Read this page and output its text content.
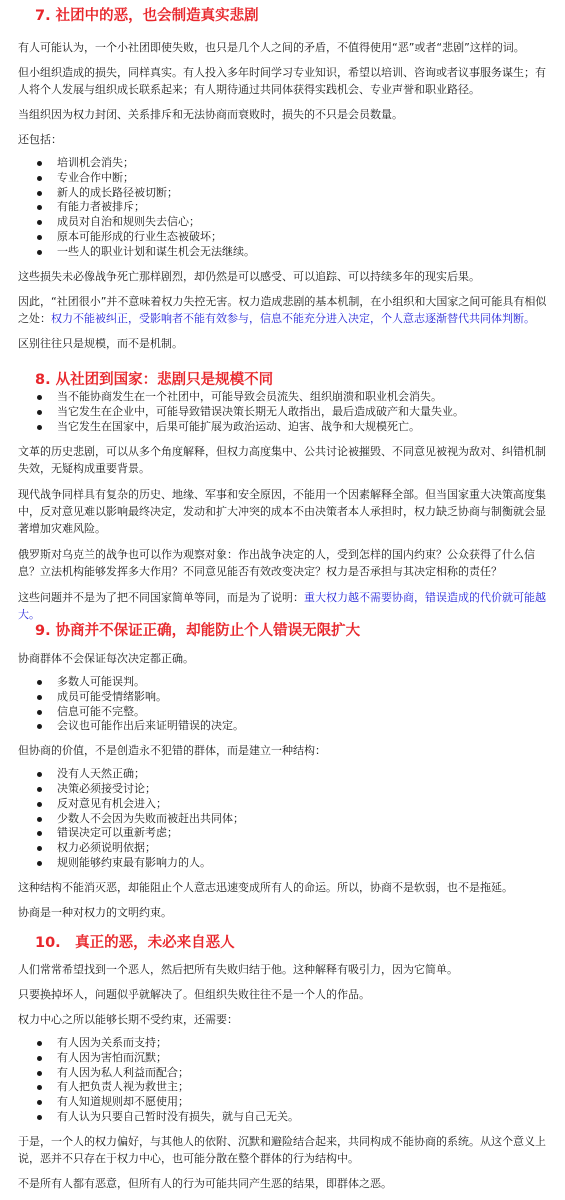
7. 社团中的恶，也会制造真实悲剧

有人可能认为，一个小社团即使失败，也只是几个人之间的矛盾，不值得使用“恶”或者“悲剧”这样的词。

但小组织造成的损失，同样真实。有人投入多年时间学习专业知识，希望以培训、咨询或者议事服务谋生；有人将个人发展与组织成长联系起来；有人期待通过共同体获得实践机会、专业声誉和职业路径。

当组织因为权力封闭、关系排斥和无法协商而衰败时，损失的不只是会员数量。

还包括：

培训机会消失；
专业合作中断；
新人的成长路径被切断；
有能力者被排斥；
成员对自治和规则失去信心；
原本可能形成的行业生态被破坏；
一些人的职业计划和谋生机会无法继续。

这些损失未必像战争死亡那样剧烈，却仍然是可以感受、可以追踪、可以持续多年的现实后果。

因此，“社团很小”并不意味着权力失控无害。权力造成悲剧的基本机制，在小组织和大国家之间可能具有相似之处：权力不能被纠正，受影响者不能有效参与，信息不能充分进入决定，个人意志逐渐替代共同体判断。

区别往往只是规模，而不是机制。

8. 从社团到国家：悲剧只是规模不同
当不能协商发生在一个社团中，可能导致会员流失、组织崩溃和职业机会消失。
当它发生在企业中，可能导致错误决策长期无人敢指出，最后造成破产和大量失业。
当它发生在国家中，后果可能扩展为政治运动、迫害、战争和大规模死亡。

文革的历史悲剧，可以从多个角度解释，但权力高度集中、公共讨论被摧毁、不同意见被视为敌对、纠错机制失效，无疑构成重要背景。

现代战争同样具有复杂的历史、地缘、军事和安全原因，不能用一个因素解释全部。但当国家重大决策高度集中，反对意见难以影响最终决定，发动和扩大冲突的成本不由决策者本人承担时，权力缺乏协商与制衡就会显著增加灾难风险。

俄罗斯对乌克兰的战争也可以作为观察对象：作出战争决定的人，受到怎样的国内约束？公众获得了什么信息？立法机构能够发挥多大作用？不同意见能否有效改变决定？权力是否承担与其决定相称的责任？

这些问题并不是为了把不同国家简单等同，而是为了说明：重大权力越不需要协商，错误造成的代价就可能越大。

9. 协商并不保证正确，却能防止个人错误无限扩大

协商群体不会保证每次决定都正确。

多数人可能误判。
成员可能受情绪影响。
信息可能不完整。
会议也可能作出后来证明错误的决定。

但协商的价值，不是创造永不犯错的群体，而是建立一种结构：

没有人天然正确；
决策必须接受讨论；
反对意见有机会进入；
少数人不会因为失败而被赶出共同体；
错误决定可以重新考虑；
权力必须说明依据；
规则能够约束最有影响力的人。

这种结构不能消灭恶，却能阻止个人意志迅速变成所有人的命运。所以，协商不是软弱，也不是拖延。

协商是一种对权力的文明约束。

10.　真正的恶，未必来自恶人

人们常常希望找到一个恶人，然后把所有失败归结于他。这种解释有吸引力，因为它简单。

只要换掉坏人，问题似乎就解决了。但组织失败往往不是一个人的作品。

权力中心之所以能够长期不受约束，还需要：

有人因为关系而支持；
有人因为害怕而沉默；
有人因为私人利益而配合；
有人把负责人视为救世主；
有人知道规则却不愿使用；
有人认为只要自己暂时没有损失，就与自己无关。

于是，一个人的权力偏好，与其他人的依附、沉默和避险结合起来，共同构成不能协商的系统。从这个意义上说，恶并不只存在于权力中心，也可能分散在整个群体的行为结构中。

不是所有人都有恶意，但所有人的行为可能共同产生恶的结果，即群体之恶。
